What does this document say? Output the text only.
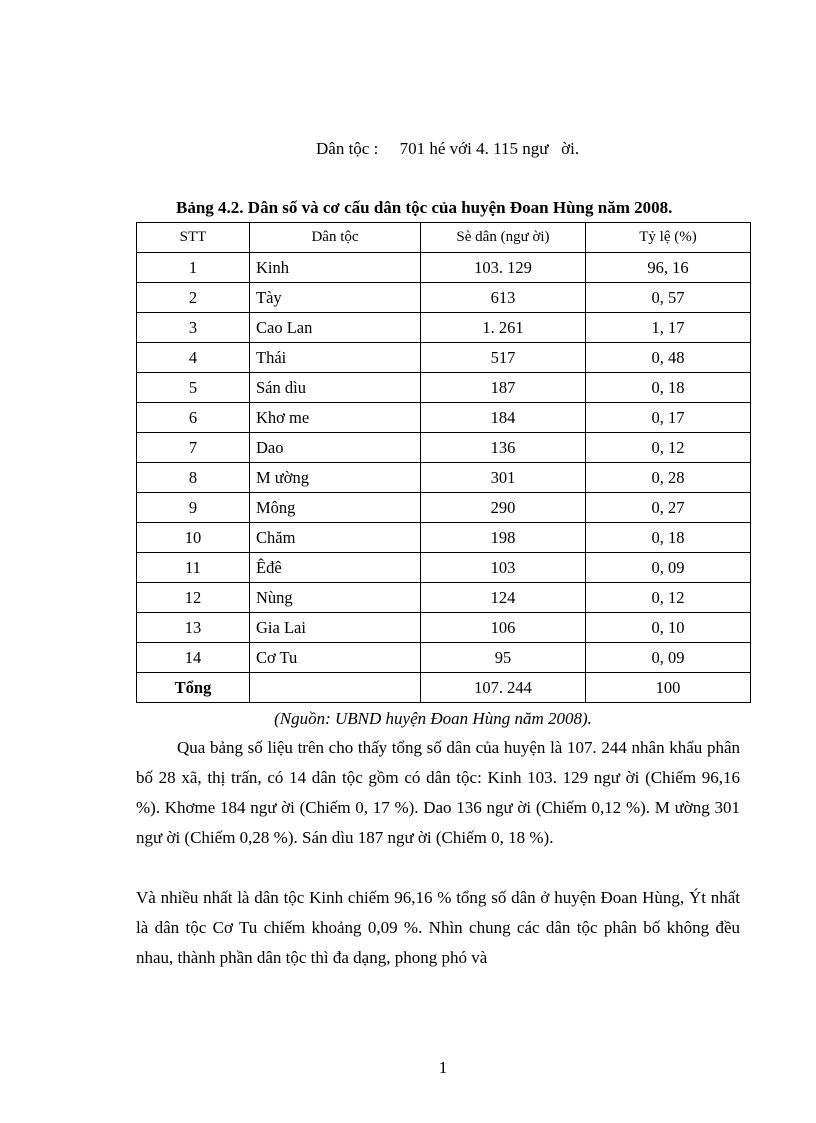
Dân tộc :     701 hé với 4. 115 ngư   ời.
Bảng 4.2. Dân số và cơ cấu dân tộc của huyện Đoan Hùng năm 2008.
STT	Dân tộc	Sè dân (ngư ời)	Tỷ lệ (%)
1	Kinh	103. 129	96, 16
2	Tày	613	0, 57
3	Cao Lan	1. 261	1, 17
4	Thái	517	0, 48
5	Sán dìu	187	0, 18
6	Khơ me	184	0, 17
7	Dao	136	0, 12
8	M ường	301	0, 28
9	Mông	290	0, 27
10	Chăm	198	0, 18
11	Êđê	103	0, 09
12	Nùng	124	0, 12
13	Gia Lai	106	0, 10
14	Cơ Tu	95	0, 09
Tổng		107. 244	100
(Nguồn: UBND huyện Đoan Hùng năm 2008).
Qua bảng số liệu trên cho thấy tổng số dân của huyện là 107. 244 nhân khẩu phân bố 28 xã, thị trấn, có 14 dân tộc gồm có dân tộc: Kinh 103. 129 ngư ời (Chiếm 96,16 %). Khơme 184 ngư ời (Chiếm 0, 17 %). Dao 136 ngư ời (Chiếm 0,12 %). M ường 301 ngư ời (Chiếm 0,28 %). Sán dìu 187 ngư ời (Chiếm 0, 18 %).
Và nhiều nhất là dân tộc Kinh chiếm 96,16 % tổng số dân ở huyện Đoan Hùng, Ýt nhất là dân tộc Cơ Tu chiếm khoảng 0,09 %. Nhìn chung các dân tộc phân bố không đều nhau, thành phần dân tộc thì đa dạng, phong phó và
1
